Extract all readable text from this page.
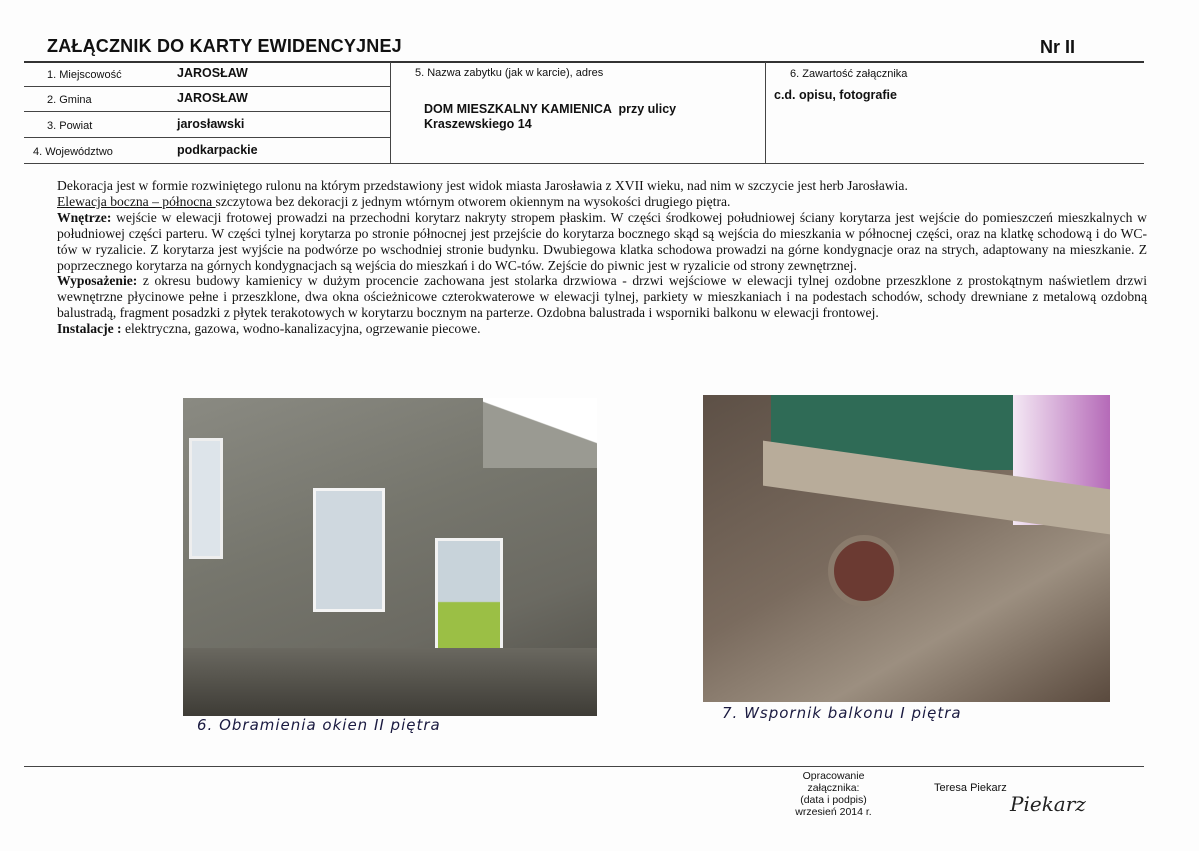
ZAŁĄCZNIK DO KARTY EWIDENCYJNEJ	Nr II
1. Miejscowość	JAROSŁAW
2. Gmina	JAROSŁAW
3. Powiat	jarosławski
4. Województwo	podkarpackie
5. Nazwa zabytku (jak w karcie), adres
DOM MIESZKALNY KAMIENICA  przy ulicy
Kraszewskiego 14
6. Zawartość załącznika
c.d. opisu, fotografie

Dekoracja jest w formie rozwiniętego rulonu na którym przedstawiony jest widok miasta Jarosławia z XVII wieku, nad nim w szczycie jest herb Jarosławia.

Elewacja boczna – północna szczytowa bez dekoracji z jednym wtórnym otworem okiennym na wysokości drugiego piętra.

Wnętrze: wejście w elewacji frotowej prowadzi na przechodni korytarz nakryty stropem płaskim. W części środkowej południowej ściany korytarza jest wejście do pomieszczeń mieszkalnych w południowej części parteru. W części tylnej korytarza po stronie północnej jest przejście do korytarza bocznego skąd są wejścia do mieszkania w północnej części, oraz na klatkę schodową i do WC-tów w ryzalicie. Z korytarza jest wyjście na podwórze po wschodniej stronie budynku. Dwubiegowa klatka schodowa prowadzi na górne kondygnacje oraz na strych, adaptowany na mieszkanie. Z poprzecznego korytarza na górnych kondygnacjach są wejścia do mieszkań i do WC-tów. Zejście do piwnic jest w ryzalicie od strony zewnętrznej.

Wyposażenie: z okresu budowy kamienicy w dużym procencie zachowana jest stolarka drzwiowa - drzwi wejściowe w elewacji tylnej ozdobne przeszklone z prostokątnym naświetlem drzwi wewnętrzne płycinowe pełne i przeszklone, dwa okna ościeżnicowe czterokwaterowe w elewacji tylnej, parkiety w mieszkaniach i na podestach schodów, schody drewniane z metalową ozdobną balustradą, fragment posadzki z płytek terakotowych w korytarzu bocznym na parterze. Ozdobna balustrada i wsporniki balkonu w elewacji frontowej.

Instalacje : elektryczna, gazowa, wodno-kanalizacyjna, ogrzewanie piecowe.

6. Obramienia okien II piętra
7. Wspornik balkonu I piętra
Opracowanie
załącznika:
(data i podpis)
wrzesień 2014 r.
Teresa Piekarz
Piekarz
